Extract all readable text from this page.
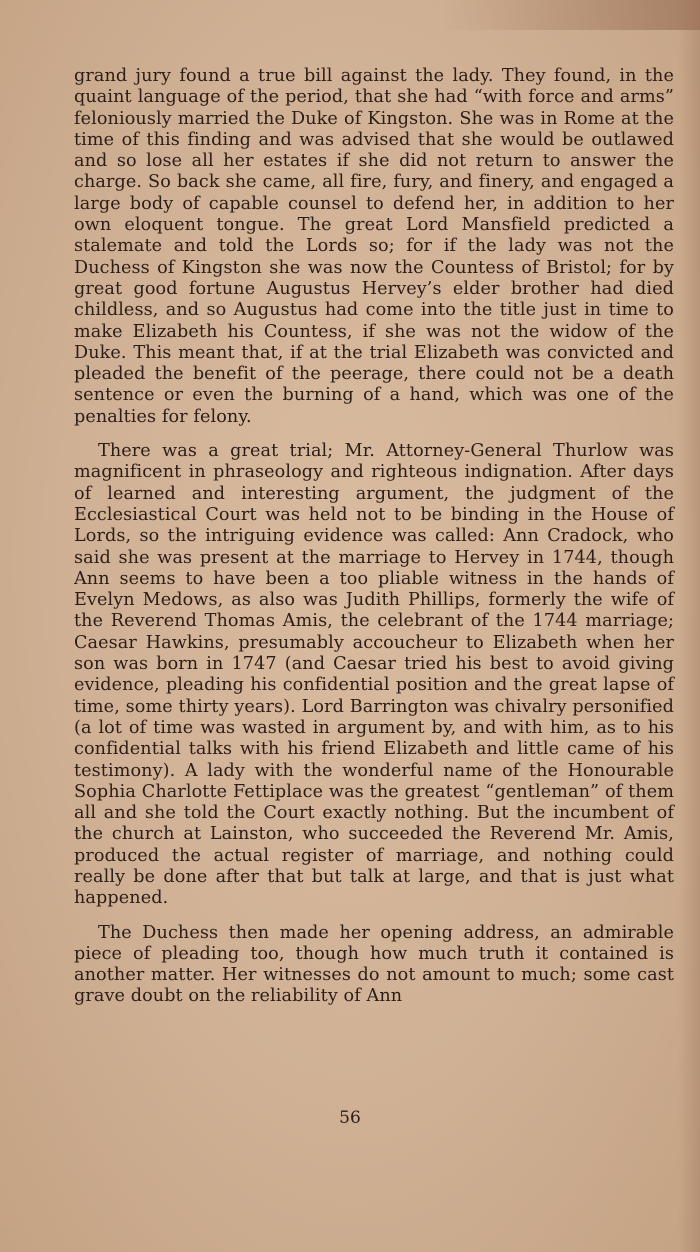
grand jury found a true bill against the lady. They found, in the quaint language of the period, that she had “with force and arms” feloniously married the Duke of Kingston. She was in Rome at the time of this finding and was advised that she would be outlawed and so lose all her estates if she did not return to answer the charge. So back she came, all fire, fury, and finery, and engaged a large body of capable counsel to defend her, in addition to her own eloquent tongue. The great Lord Mansfield predicted a stalemate and told the Lords so; for if the lady was not the Duchess of Kingston she was now the Countess of Bristol; for by great good fortune Augustus Hervey’s elder brother had died childless, and so Augustus had come into the title just in time to make Elizabeth his Countess, if she was not the widow of the Duke. This meant that, if at the trial Elizabeth was convicted and pleaded the benefit of the peerage, there could not be a death sentence or even the burning of a hand, which was one of the penalties for felony.

There was a great trial; Mr. Attorney-General Thurlow was magnificent in phraseology and righteous indignation. After days of learned and interesting argument, the judgment of the Ecclesiastical Court was held not to be binding in the House of Lords, so the intriguing evidence was called: Ann Cradock, who said she was present at the marriage to Hervey in 1744, though Ann seems to have been a too pliable witness in the hands of Evelyn Medows, as also was Judith Phillips, formerly the wife of the Reverend Thomas Amis, the celebrant of the 1744 marriage; Caesar Hawkins, presumably accoucheur to Elizabeth when her son was born in 1747 (and Caesar tried his best to avoid giving evidence, pleading his confidential position and the great lapse of time, some thirty years). Lord Barrington was chivalry personified (a lot of time was wasted in argument by, and with him, as to his confidential talks with his friend Elizabeth and little came of his testimony). A lady with the wonderful name of the Honourable Sophia Charlotte Fettiplace was the greatest “gentleman” of them all and she told the Court exactly nothing. But the incumbent of the church at Lainston, who succeeded the Reverend Mr. Amis, produced the actual register of marriage, and nothing could really be done after that but talk at large, and that is just what happened.

The Duchess then made her opening address, an admirable piece of pleading too, though how much truth it contained is another matter. Her witnesses do not amount to much; some cast grave doubt on the reliability of Ann

56
